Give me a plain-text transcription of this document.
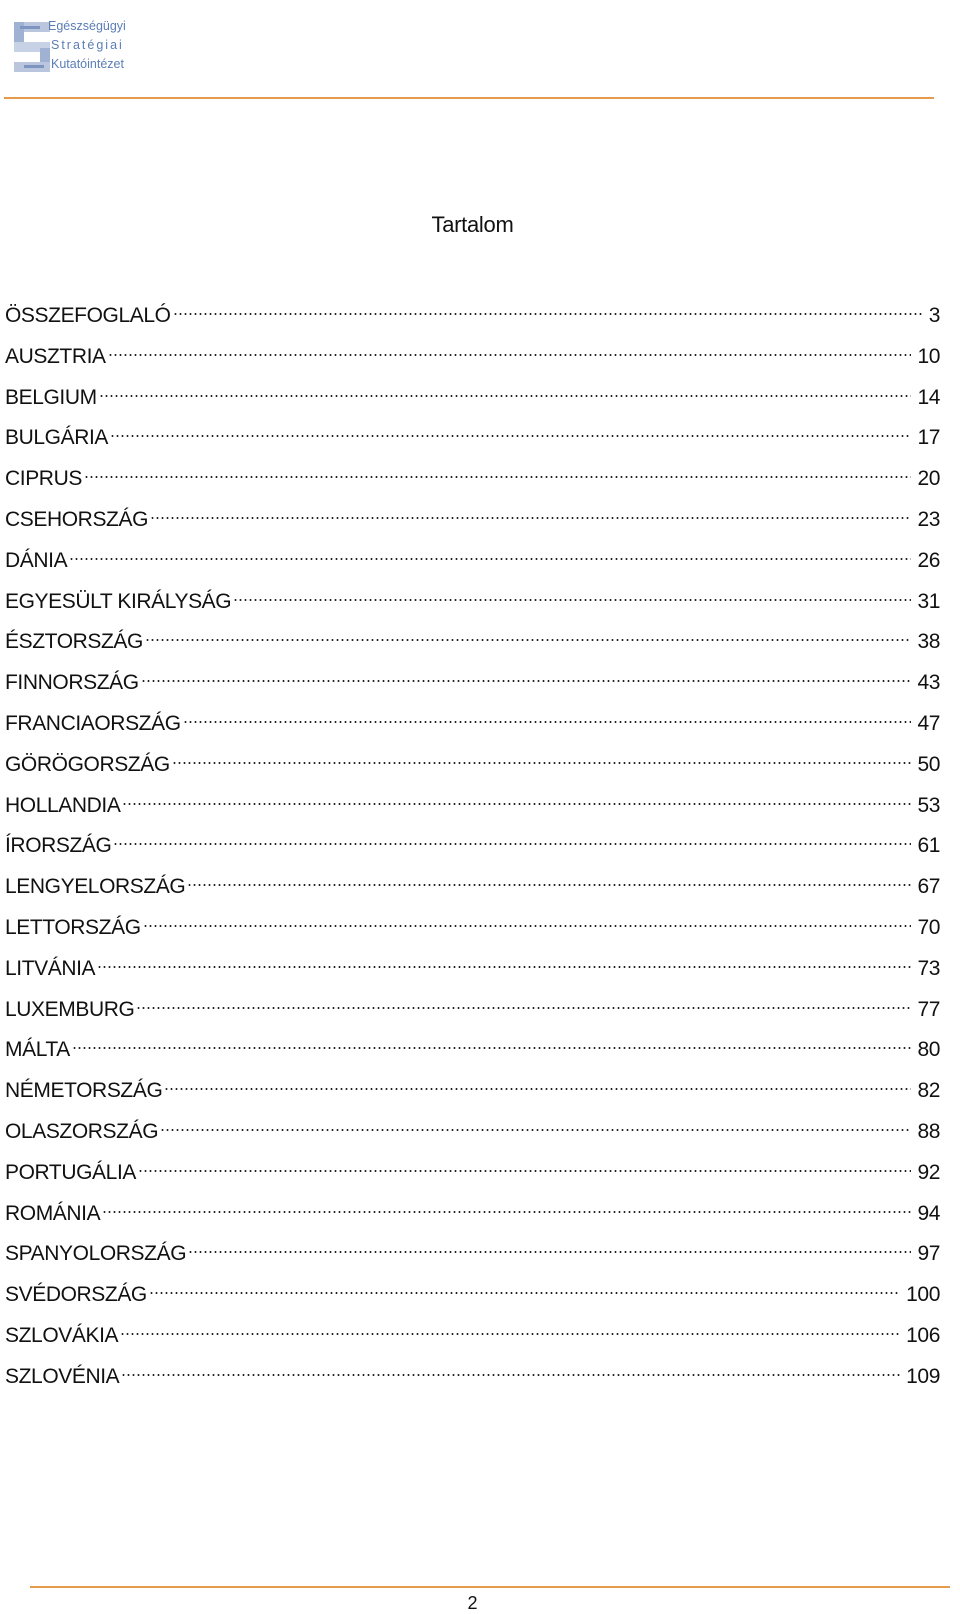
Egészségügyi
Stratégiai
Kutatóintézet
Tartalom
ÖSSZEFOGLALÓ	3
AUSZTRIA	10
BELGIUM	14
BULGÁRIA	17
CIPRUS	20
CSEHORSZÁG	23
DÁNIA	26
EGYESÜLT KIRÁLYSÁG	31
ÉSZTORSZÁG	38
FINNORSZÁG	43
FRANCIAORSZÁG	47
GÖRÖGORSZÁG	50
HOLLANDIA	53
ÍRORSZÁG	61
LENGYELORSZÁG	67
LETTORSZÁG	70
LITVÁNIA	73
LUXEMBURG	77
MÁLTA	80
NÉMETORSZÁG	82
OLASZORSZÁG	88
PORTUGÁLIA	92
ROMÁNIA	94
SPANYOLORSZÁG	97
SVÉDORSZÁG	100
SZLOVÁKIA	106
SZLOVÉNIA	109
2
